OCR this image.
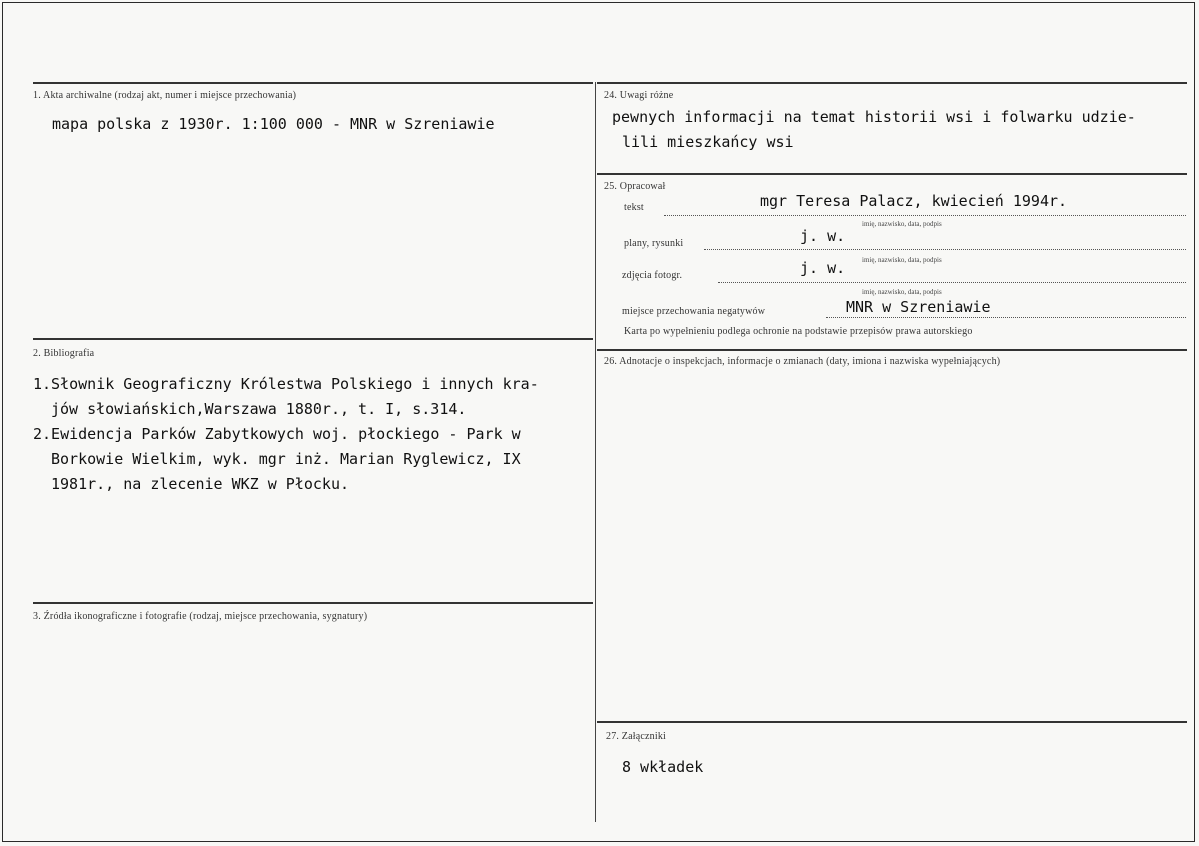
1. Akta archiwalne (rodzaj akt, numer i miejsce przechowania)
mapa polska z 1930r. 1:100 000 - MNR w Szreniawie
2. Bibliografia
1.Słownik Geograficzny Królestwa Polskiego i innych kra-
jów słowiańskich,Warszawa 1880r., t. I, s.314.
2.Ewidencja Parków Zabytkowych woj. płockiego - Park w
Borkowie Wielkim, wyk. mgr inż. Marian Ryglewicz, IX
1981r., na zlecenie WKZ w Płocku.
3. Źródła ikonograficzne i fotografie (rodzaj, miejsce przechowania, sygnatury)
24. Uwagi różne
pewnych informacji na temat historii wsi i folwarku udzie-
lili mieszkańcy wsi
25. Opracował
tekst	mgr Teresa Palacz, kwiecień 1994r.
imię, nazwisko, data, podpis
plany, rysunki	j. w.
imię, nazwisko, data, podpis
zdjęcia fotogr.	j. w.
imię, nazwisko, data, podpis
miejsce przechowania negatywów	MNR w Szreniawie
Karta po wypełnieniu podlega ochronie na podstawie przepisów prawa autorskiego
26. Adnotacje o inspekcjach, informacje o zmianach (daty, imiona i nazwiska wypełniających)
27. Załączniki
8 wkładek
